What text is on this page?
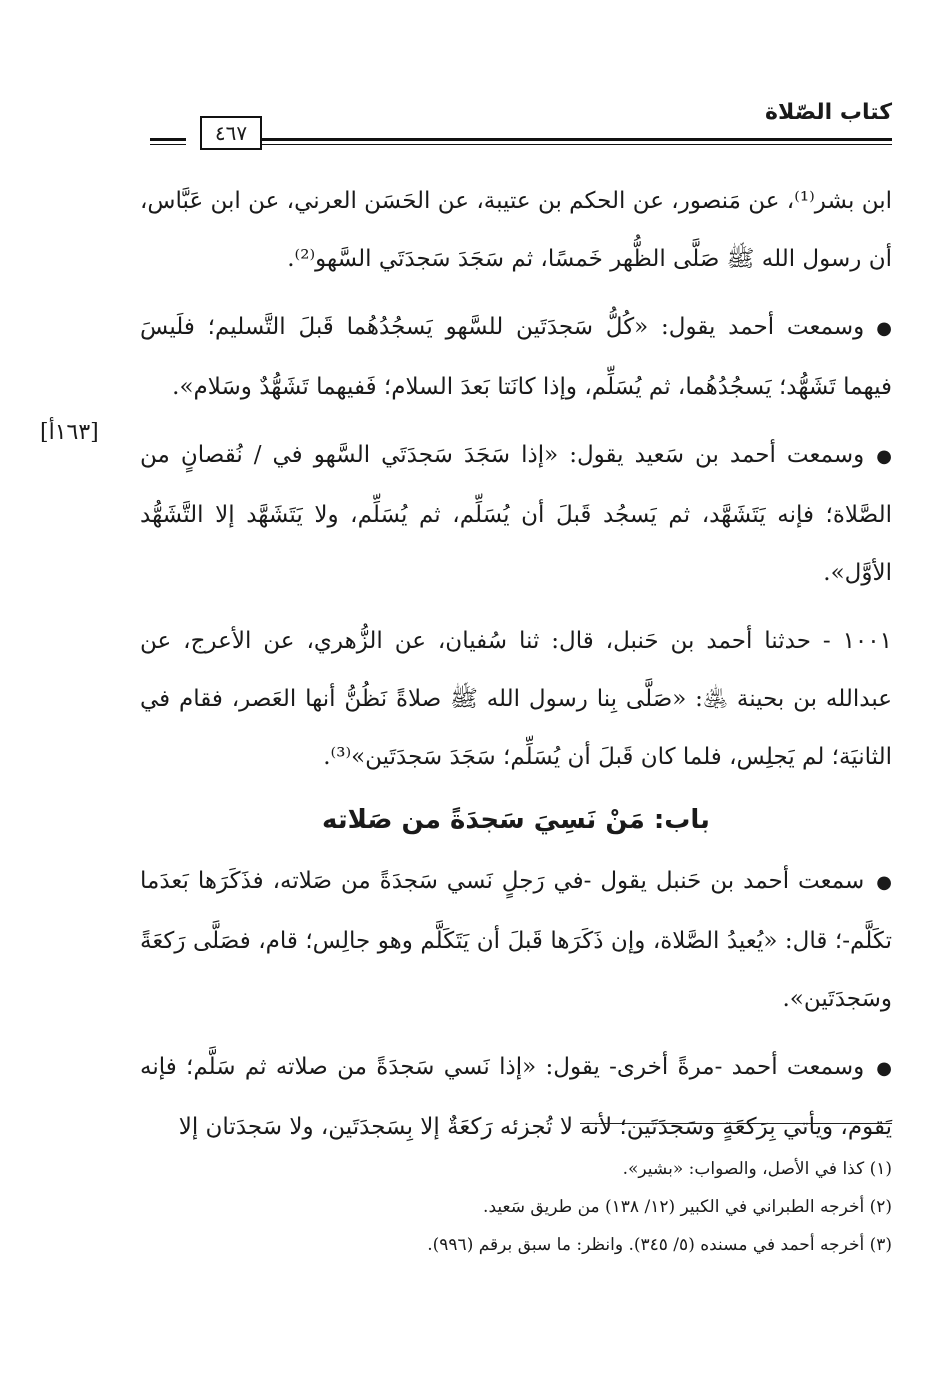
كتاب الصّلاة
٤٦٧
[١٦٣أ]

ابن بشر⁽¹⁾، عن مَنصور، عن الحكم بن عتيبة، عن الحَسَن العرني، عن ابن عَبَّاس، أن رسول الله ﷺ صَلَّى الظُّهر خَمسًا، ثم سَجَدَ سَجدَتَي السَّهو⁽²⁾.

●وسمعت أحمد يقول: «كُلُّ سَجدَتَين للسَّهو يَسجُدُهُما قَبلَ التَّسليم؛ فلَيسَ فيهما تَشَهُّد؛ يَسجُدُهُما، ثم يُسَلِّم، وإذا كانَتا بَعدَ السلام؛ فَفيهما تَشَهُّدٌ وسَلام».

●وسمعت أحمد بن سَعيد يقول: «إذا سَجَدَ سَجدَتَي السَّهو في / نُقصانٍ من الصَّلاة؛ فإنه يَتَشَهَّد، ثم يَسجُد قَبلَ أن يُسَلِّم، ثم يُسَلِّم، ولا يَتَشَهَّد إلا التَّشَهُّد الأوَّل».

١٠٠١ - حدثنا أحمد بن حَنبل، قال: ثنا سُفيان، عن الزُّهري، عن الأعرج، عن عبدالله بن بحينة ﵁: «صَلَّى بِنا رسول الله ﷺ صلاةً نَظُنُّ أنها العَصر، فقام في الثانيَة؛ لم يَجلِس، فلما كان قَبلَ أن يُسَلِّم؛ سَجَدَ سَجدَتَين»⁽³⁾.

باب: مَنْ نَسِيَ سَجدَةً من صَلاته

●سمعت أحمد بن حَنبل يقول -في رَجلٍ نَسي سَجدَةً من صَلاته، فذَكَرَها بَعدَما تكَلَّم-؛ قال: «يُعيدُ الصَّلاة، وإن ذَكَرَها قَبلَ أن يَتَكَلَّم وهو جالِس؛ قام، فصَلَّى رَكعَةً وسَجدَتَين».

●وسمعت أحمد -مرةً أخرى- يقول: «إذا نَسي سَجدَةً من صلاته ثم سَلَّم؛ فإنه يَقوم، ويأتي بِرَكعَةٍ وسَجدَتَين؛ لأنه لا تُجزئه رَكعَةٌ إلا بِسَجدَتَين، ولا سَجدَتان إلا

(١) كذا في الأصل، والصواب: «بشير».
(٢) أخرجه الطبراني في الكبير (١٢/ ١٣٨) من طريق سَعيد.
(٣) أخرجه أحمد في مسنده (٥/ ٣٤٥). وانظر: ما سبق برقم (٩٩٦).
